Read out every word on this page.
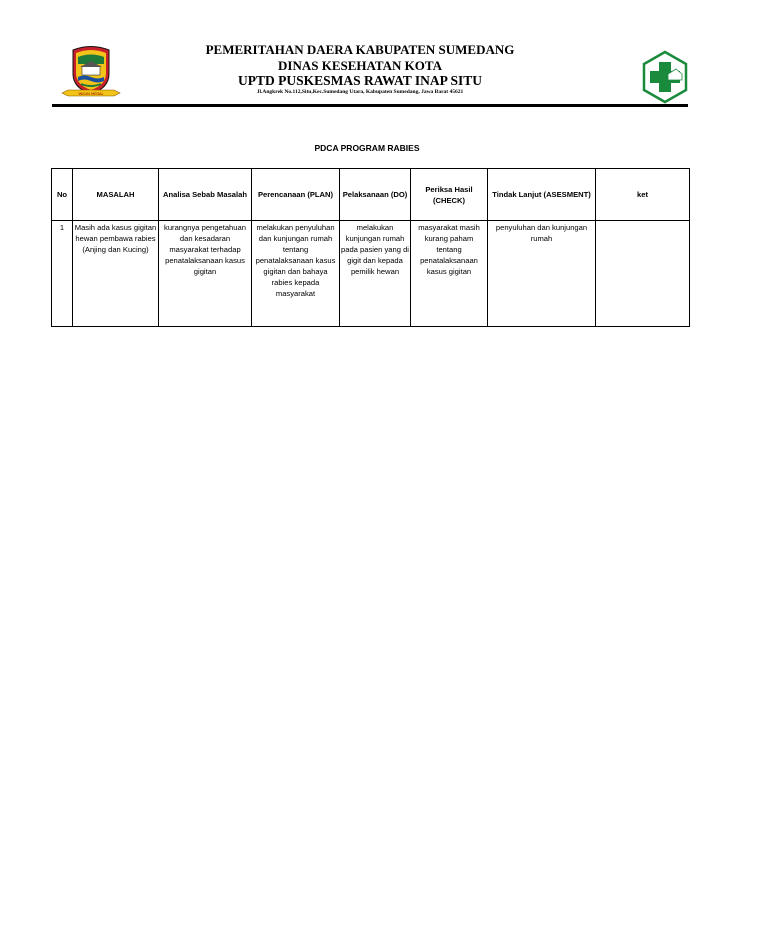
INSUN MEDAL
PEMERITAHAN DAERA KABUPATEN SUMEDANG
DINAS KESEHATAN KOTA
UPTD PUSKESMAS RAWAT INAP SITU
Jl.Angkrek No.112,Situ,Kec.Sumedang Utara, Kabupaten Sumedang, Jawa Barat 45621
PDCA PROGRAM RABIES
No	MASALAH	Analisa Sebab Masalah	Perencanaan (PLAN)	Pelaksanaan (DO)	Periksa Hasil (CHECK)	Tindak Lanjut (ASESMENT)	ket
1	Masih ada kasus gigitan hewan pembawa rabies (Anjing dan Kucing)	kurangnya pengetahuan dan kesadaran masyarakat terhadap penatalaksanaan kasus gigitan	melakukan penyuluhan dan kunjungan rumah tentang penatalaksanaan kasus gigitan dan bahaya rabies kepada masyarakat	melakukan kunjungan rumah pada pasien yang di gigit dan kepada pemilik hewan	masyarakat masih kurang paham tentang penatalaksanaan kasus gigitan	penyuluhan dan kunjungan rumah	
